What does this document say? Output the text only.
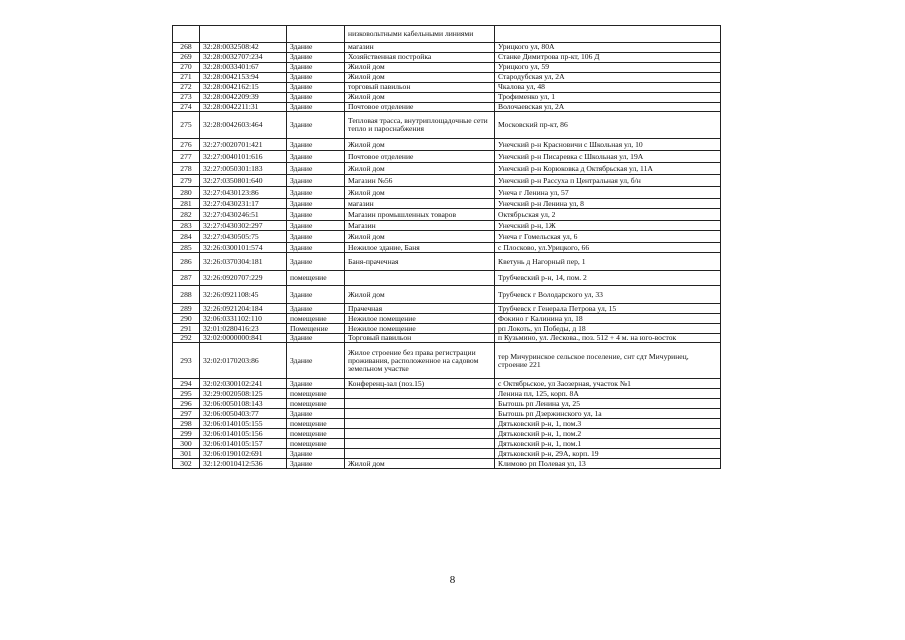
			низковольтными кабельными линиями	
268	32:28:0032508:42	Здание	магазин	Урицкого ул, 80А
269	32:28:0032707:234	Здание	Хозяйственная постройка	Станке Димитрова пр-кт, 106 Д
270	32:28:0033401:67	Здание	Жилой дом	Урицкого ул, 59
271	32:28:0042153:94	Здание	Жилой дом	Стародубская ул, 2А
272	32:28:0042162:15	Здание	торговый павильон	Чкалова ул, 48
273	32:28:0042209:39	Здание	Жилой дом	Трофименко ул, 1
274	32:28:0042211:31	Здание	Почтовое отделение	Волочаевская ул, 2А
275	32:28:0042603:464	Здание	Тепловая трасса, внутриплощадочные сети тепло и пароснабжения	Московский пр-кт, 86
276	32:27:0020701:421	Здание	Жилой дом	Унечский р-н Красновичи с Школьная ул, 10
277	32:27:0040101:616	Здание	Почтовое отделение	Унечский р-н Писаревка с Школьная ул, 19А
278	32:27:0050301:183	Здание	Жилой дом	Унечский р-н Корюковка д Октябрьская ул, 11А
279	32:27:0350801:640	Здание	Магазин №56	Унечский р-н Рассуха п Центральная ул, б/н
280	32:27:0430123:86	Здание	Жилой дом	Унеча г Ленина ул, 57
281	32:27:0430231:17	Здание	магазин	Унечский р-н Ленина ул, 8
282	32:27:0430246:51	Здание	Магазин промышленных товаров	Октябрьская ул, 2
283	32:27:0430302:297	Здание	Магазин	Унечский р-н, 1Ж
284	32:27:0430505:75	Здание	Жилой дом	Унеча г Гомельская ул, 6
285	32:26:0300101:574	Здание	Нежилое здание, Баня	с Плосково, ул.Урицкого, 66
286	32:26:0370304:181	Здание	Баня-прачечная	Кветунь д Нагорный пер, 1
287	32:26:0920707:229	помещение		Трубчевский р-н, 14, пом. 2
288	32:26:0921108:45	Здание	Жилой дом	Трубчевск г Володарского ул, 33
289	32:26:0921204:184	Здание	Прачечная	Трубчевск г Генерала Петрова ул, 15
290	32:06:0331102:110	помещение	Нежилое помещение	Фокино г Калинина ул, 18
291	32:01:0280416:23	Помещение	Нежилое помещение	рп Локоть, ул Победы, д 18
292	32:02:0000000:841	Здание	Торговый павильон	п Кузьмино, ул. Лескова., поз. 512 + 4 м. на юго-восток
293	32:02:0170203:86	Здание	Жилое строение без права регистрации проживания, расположенное на садовом земельном участке	тер Мичуринское сельское поселение, снт сдт Мичуринец, строение 221
294	32:02:0300102:241	Здание	Конференц-зал (поз.15)	с Октябрьское, ул Заозерная, участок №1
295	32:29:0020508:125	помещение		Ленина пл, 125, корп. 8А
296	32:06:0050108:143	помещение		Бытошь рп Ленина ул, 25
297	32:06:0050403:77	Здание		Бытошь рп Дзержинского ул, 1а
298	32:06:0140105:155	помещение		Дятьковский р-н, 1, пом.3
299	32:06:0140105:156	помещение		Дятьковский р-н, 1, пом.2
300	32:06:0140105:157	помещение		Дятьковский р-н, 1, пом.1
301	32:06:0190102:691	Здание		Дятьковский р-н, 29А, корп. 19
302	32:12:0010412:536	Здание	Жилой дом	Климово рп Полевая ул, 13
8
